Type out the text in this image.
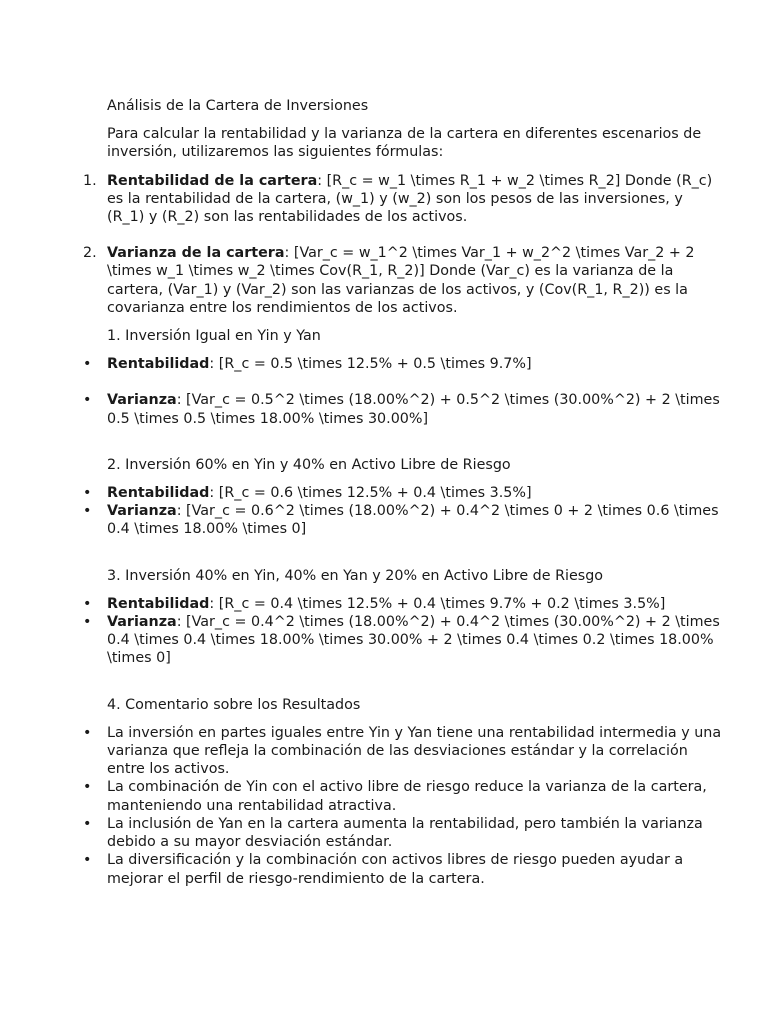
Análisis de la Cartera de Inversiones

Para calcular la rentabilidad y la varianza de la cartera en diferentes escenarios de inversión, utilizaremos las siguientes fórmulas:

1. Rentabilidad de la cartera: [R_c = w_1 \times R_1 + w_2 \times R_2] Donde (R_c) es la rentabilidad de la cartera, (w_1) y (w_2) son los pesos de las inversiones, y (R_1) y (R_2) son las rentabilidades de los activos.
2. Varianza de la cartera: [Var_c = w_1^2 \times Var_1 + w_2^2 \times Var_2 + 2 \times w_1 \times w_2 \times Cov(R_1, R_2)] Donde (Var_c) es la varianza de la cartera, (Var_1) y (Var_2) son las varianzas de los activos, y (Cov(R_1, R_2)) es la covarianza entre los rendimientos de los activos.

1. Inversión Igual en Yin y Yan

• Rentabilidad: [R_c = 0.5 \times 12.5% + 0.5 \times 9.7%]
• Varianza: [Var_c = 0.5^2 \times (18.00%^2) + 0.5^2 \times (30.00%^2) + 2 \times 0.5 \times 0.5 \times 18.00% \times 30.00%]

2. Inversión 60% en Yin y 40% en Activo Libre de Riesgo

• Rentabilidad: [R_c = 0.6 \times 12.5% + 0.4 \times 3.5%]
• Varianza: [Var_c = 0.6^2 \times (18.00%^2) + 0.4^2 \times 0 + 2 \times 0.6 \times 0.4 \times 18.00% \times 0]

3. Inversión 40% en Yin, 40% en Yan y 20% en Activo Libre de Riesgo

• Rentabilidad: [R_c = 0.4 \times 12.5% + 0.4 \times 9.7% + 0.2 \times 3.5%]
• Varianza: [Var_c = 0.4^2 \times (18.00%^2) + 0.4^2 \times (30.00%^2) + 2 \times 0.4 \times 0.4 \times 18.00% \times 30.00% + 2 \times 0.4 \times 0.2 \times 18.00% \times 0]

4. Comentario sobre los Resultados

• La inversión en partes iguales entre Yin y Yan tiene una rentabilidad intermedia y una varianza que refleja la combinación de las desviaciones estándar y la correlación entre los activos.
• La combinación de Yin con el activo libre de riesgo reduce la varianza de la cartera, manteniendo una rentabilidad atractiva.
• La inclusión de Yan en la cartera aumenta la rentabilidad, pero también la varianza debido a su mayor desviación estándar.
• La diversificación y la combinación con activos libres de riesgo pueden ayudar a mejorar el perfil de riesgo-rendimiento de la cartera.
